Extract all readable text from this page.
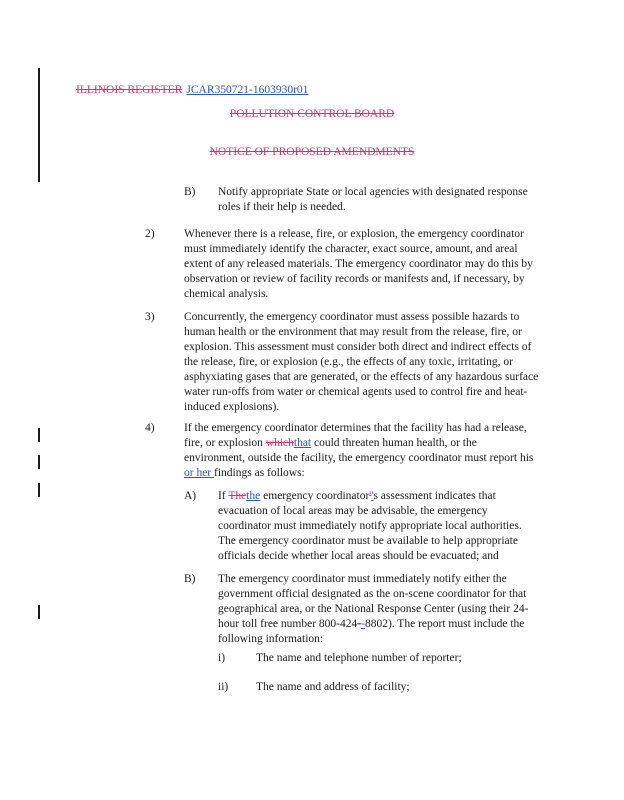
ILLINOIS REGISTER JCAR350721-1603930r01
POLLUTION CONTROL BOARD
NOTICE OF PROPOSED AMENDMENTS
B) Notify appropriate State or local agencies with designated response roles if their help is needed.

2)	Whenever there is a release, fire, or explosion, the emergency coordinator must immediately identify the character, exact source, amount, and areal extent of any released materials. The emergency coordinator may do this by observation or review of facility records or manifests and, if necessary, by chemical analysis.

3)	Concurrently, the emergency coordinator must assess possible hazards to human health or the environment that may result from the release, fire, or explosion. This assessment must consider both direct and indirect effects of the release, fire, or explosion (e.g., the effects of any toxic, irritating, or asphyxiating gases that are generated, or the effects of any hazardous surface water run-offs from water or chemical agents used to control fire and heat-induced explosions).

4)	If the emergency coordinator determines that the facility has had a release, fire, or explosion whichthat could threaten human health, or the environment, outside the facility, the emergency coordinator must report his or her findings as follows:

A) If Thethe emergency coordinator''s assessment indicates that evacuation of local areas may be advisable, the emergency coordinator must immediately notify appropriate local authorities. The emergency coordinator must be available to help appropriate officials decide whether local areas should be evacuated; and

B) The emergency coordinator must immediately notify either the government official designated as the on-scene coordinator for that geographical area, or the National Response Center (using their 24-hour toll free number 800-424--8802). The report must include the following information:

i)	The name and telephone number of reporter;

ii) The name and address of facility;
